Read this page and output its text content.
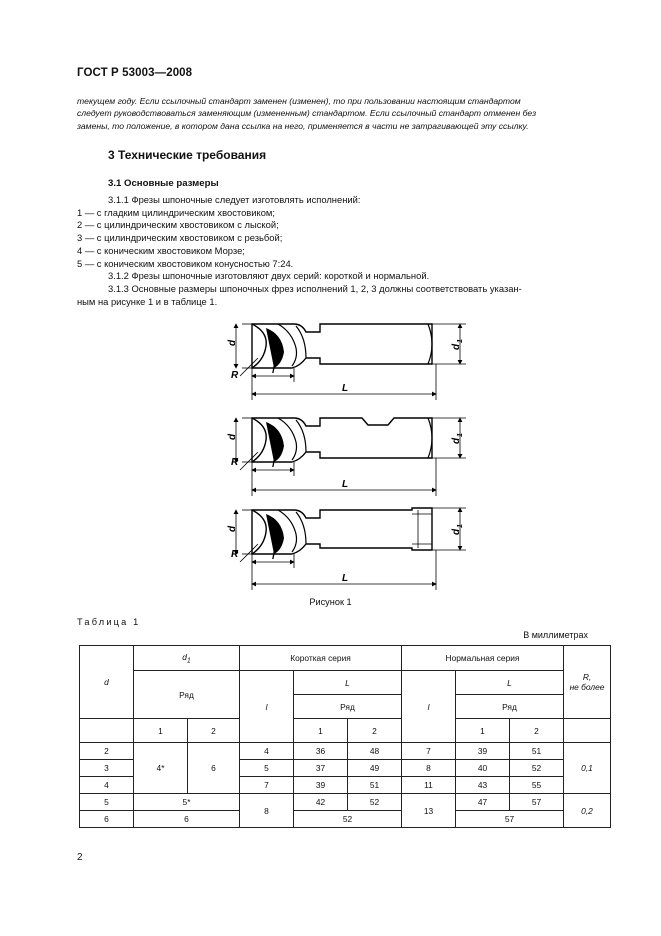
ГОСТ Р 53003—2008
текущем году. Если ссылочный стандарт заменен (изменен), то при пользовании настоящим стандартом
следует руководствоваться заменяющим (измененным) стандартом. Если ссылочный стандарт отменен без
замены, то положение, в котором дана ссылка на него, применяется в части не затрагивающей эту ссылку.
3 Технические требования
3.1 Основные размеры
3.1.1 Фрезы шпоночные следует изготовлять исполнений:
1 — с гладким цилиндрическим хвостовиком;
2 — с цилиндрическим хвостовиком с лыской;
3 — с цилиндрическим хвостовиком с резьбой;
4 — с коническим хвостовиком Морзе;
5 — с коническим хвостовиком конусностью 7:24.
3.1.2 Фрезы шпоночные изготовляют двух серий: короткой и нормальной.
3.1.3 Основные размеры шпоночных фрез исполнений 1, 2, 3 должны соответствовать указан-
ным на рисунке 1 и в таблице 1.
d
R	l
L
d
1
d
R	l
L
d
1
d
R	l
L
d
1
Рисунок 1
Таблица 1
В миллиметрах
d	$d_1$		Короткая серия			Нормальная серия			R,
не более
	Ряд		l	L		l	L		
				Ряд			Ряд		
	1	2		1	2		1	2	
2	4*	6	4	36	48	7	39	51	0,1
3			5	37	49	8	40	52	
4			7	39	51	11	43	55	
5	5*		8	42	52	13	47	57	0,2
6	6			52			57		
2
